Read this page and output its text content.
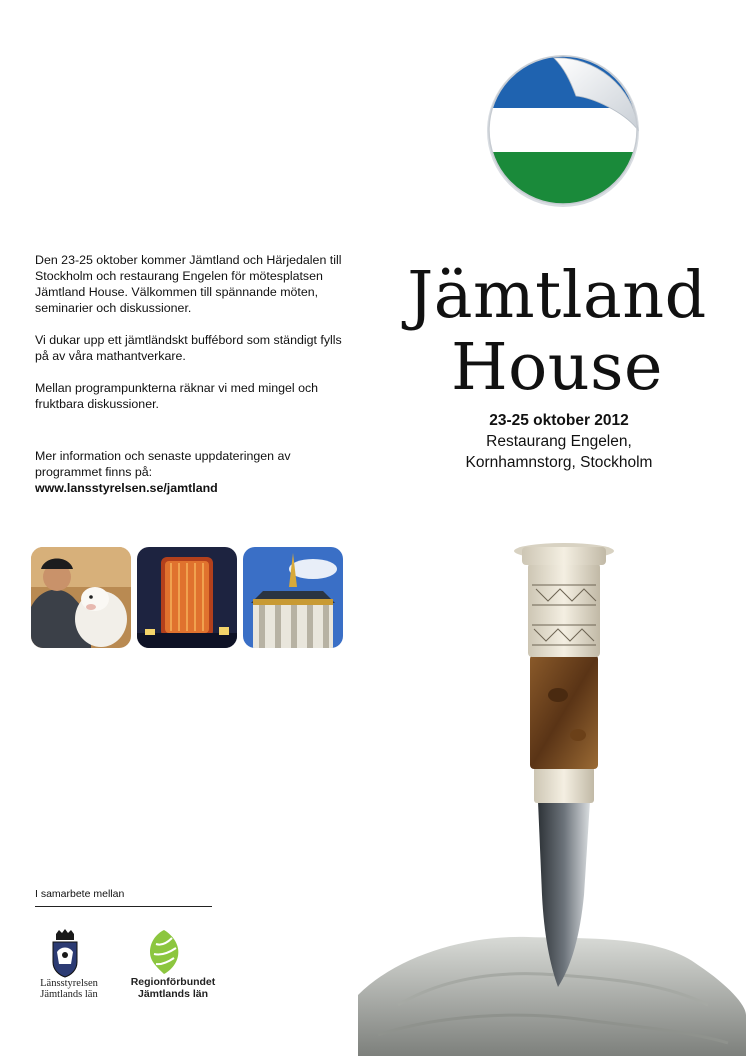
Den 23-25 oktober kommer Jämtland och Härjedalen till Stockholm och restaurang Engelen för mötesplatsen Jämtland House. Välkommen till spännande möten, seminarier och diskussioner.

Vi dukar upp ett jämtländskt buffébord som ständigt fylls på av våra mathantverkare.

Mellan programpunkterna räknar vi med mingel och fruktbara diskussioner.

Mer information och senaste uppdateringen av programmet finns på:
www.lansstyrelsen.se/jamtland

Jämtland
House
23-25 oktober 2012
Restaurang Engelen,
Kornhamnstorg, Stockholm
I samarbete mellan
Länsstyrelsen
Jämtlands län
Regionförbundet
Jämtlands län
